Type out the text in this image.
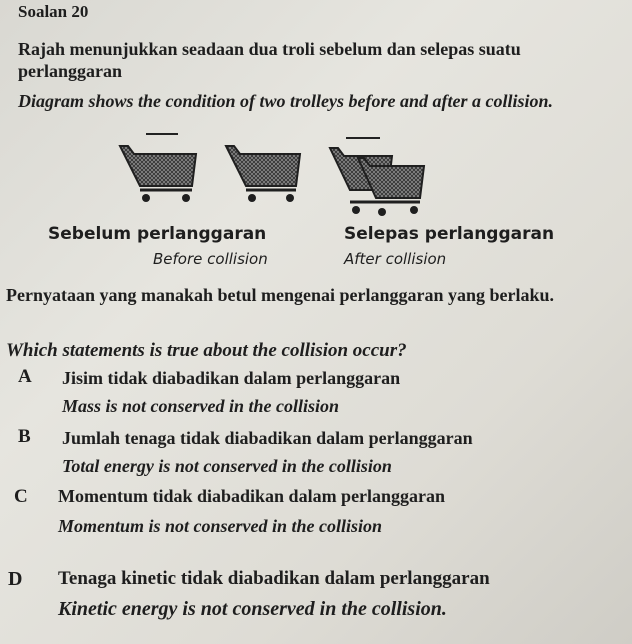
Soalan 20
Rajah menunjukkan seadaan dua troli sebelum dan selepas suatu perlanggaran
Diagram shows the condition of two trolleys before and after a collision.
Sebelum perlanggaran
Before collision
Selepas perlanggaran
After collision
Pernyataan yang manakah betul mengenai perlanggaran yang berlaku.
Which statements is true about the collision occur?
A Jisim tidak diabadikan dalam perlanggaran
Mass is not conserved in the collision
B Jumlah tenaga tidak diabadikan dalam perlanggaran
Total energy is not conserved in the collision
C Momentum tidak diabadikan dalam perlanggaran
Momentum is not conserved in the collision
D Tenaga kinetic tidak diabadikan dalam perlanggaran
Kinetic energy is not conserved in the collision.
